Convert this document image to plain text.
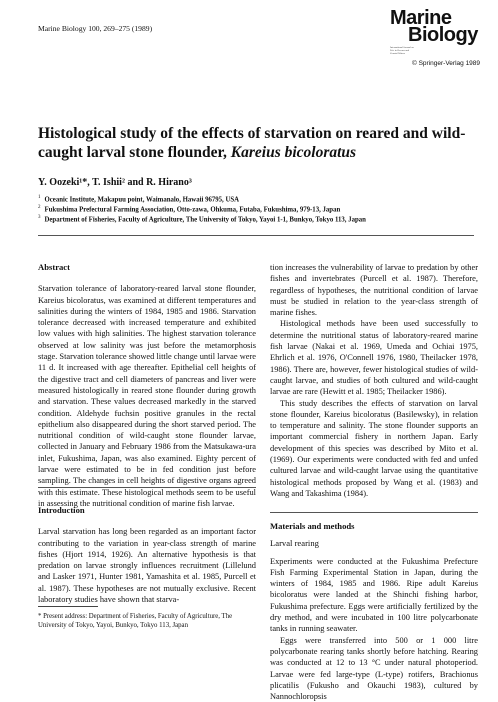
Marine Biology 100, 269–275 (1989)	Marine
Biology
International Journal on Life in Oceans and Coastal Waters
© Springer-Verlag 1989
Histological study of the effects of starvation on reared and wild-caught larval stone flounder, Kareius bicoloratus
Y. Oozeki¹*, T. Ishii² and R. Hirano³
$^1$ Oceanic Institute, Makapuu point, Waimanalo, Hawaii 96795, USA
$^2$ Fukushima Prefectural Farming Association, Otto-zawa, Ohkuma, Futaba, Fukushima, 979-13, Japan
$^3$ Department of Fisheries, Faculty of Agriculture, The University of Tokyo, Yayoi 1-1, Bunkyo, Tokyo 113, Japan
Abstract

Starvation tolerance of laboratory-reared larval stone flounder, Kareius bicoloratus, was examined at different temperatures and salinities during the winters of 1984, 1985 and 1986. Starvation tolerance decreased with increased temperature and exhibited low values with high salinities. The highest starvation tolerance observed at low salinity was just before the metamorphosis stage. Starvation tolerance showed little change until larvae were 11 d. It increased with age thereafter. Epithelial cell heights of the digestive tract and cell diameters of pancreas and liver were measured histologically in reared stone flounder during growth and starvation. These values decreased markedly in the starved condition. Aldehyde fuchsin positive granules in the rectal epithelium also disappeared during the short starved period. The nutritional condition of wild-caught stone flounder larvae, collected in January and February 1986 from the Matsukawa-ura inlet, Fukushima, Japan, was also examined. Eighty percent of larvae were estimated to be in fed condition just before sampling. The changes in cell heights of digestive organs agreed with this estimate. These histological methods seem to be useful in assessing the nutritional condition of marine fish larvae.

Introduction

Larval starvation has long been regarded as an important factor contributing to the variation in year-class strength of marine fishes (Hjort 1914, 1926). An alternative hypothesis is that predation on larvae strongly influences recruitment (Lillelund and Lasker 1971, Hunter 1981, Yamashita et al. 1985, Purcell et al. 1987). These hypotheses are not mutually exclusive. Recent laboratory studies have shown that starva-

* Present address: Department of Fisheries, Faculty of Agriculture, The University of Tokyo, Yayoi, Bunkyo, Tokyo 113, Japan

tion increases the vulnerability of larvae to predation by other fishes and invertebrates (Purcell et al. 1987). Therefore, regardless of hypotheses, the nutritional condition of larvae must be studied in relation to the year-class strength of marine fishes.

Histological methods have been used successfully to determine the nutritional status of laboratory-reared marine fish larvae (Nakai et al. 1969, Umeda and Ochiai 1975, Ehrlich et al. 1976, O'Connell 1976, 1980, Theilacker 1978, 1986). There are, however, fewer histological studies of wild-caught larvae, and studies of both cultured and wild-caught larvae are rare (Hewitt et al. 1985; Theilacker 1986).

This study describes the effects of starvation on larval stone flounder, Kareius bicoloratus (Basilewsky), in relation to temperature and salinity. The stone flounder supports an important commercial fishery in northern Japan. Early development of this species was described by Mito et al. (1969). Our experiments were conducted with fed and unfed cultured larvae and wild-caught larvae using the quantitative histological methods proposed by Wang et al. (1983) and Wang and Takashima (1984).

Materials and methods
Larval rearing

Experiments were conducted at the Fukushima Prefecture Fish Farming Experimental Station in Japan, during the winters of 1984, 1985 and 1986. Ripe adult Kareius bicoloratus were landed at the Shinchi fishing harbor, Fukushima prefecture. Eggs were artificially fertilized by the dry method, and were incubated in 100 litre polycarbonate tanks in running seawater.

Eggs were transferred into 500 or 1 000 litre polycarbonate rearing tanks shortly before hatching. Rearing was conducted at 12 to 13 °C under natural photoperiod. Larvae were fed large-type (L-type) rotifers, Brachionus plicatilis (Fukusho and Okauchi 1983), cultured by Nannochloropsis
